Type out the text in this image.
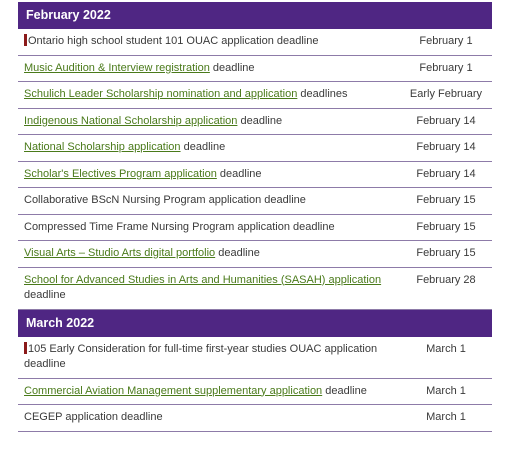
February 2022
Ontario high school student 101 OUAC application deadline	February 1
Music Audition & Interview registration deadline	February 1
Schulich Leader Scholarship nomination and application deadlines	Early February
Indigenous National Scholarship application deadline	February 14
National Scholarship application deadline	February 14
Scholar's Electives Program application deadline	February 14
Collaborative BScN Nursing Program application deadline	February 15
Compressed Time Frame Nursing Program application deadline	February 15
Visual Arts – Studio Arts digital portfolio deadline	February 15
School for Advanced Studies in Arts and Humanities (SASAH) application deadline	February 28
March 2022
105 Early Consideration for full-time first-year studies OUAC application deadline	March 1
Commercial Aviation Management supplementary application deadline	March 1
CEGEP application deadline	March 1
